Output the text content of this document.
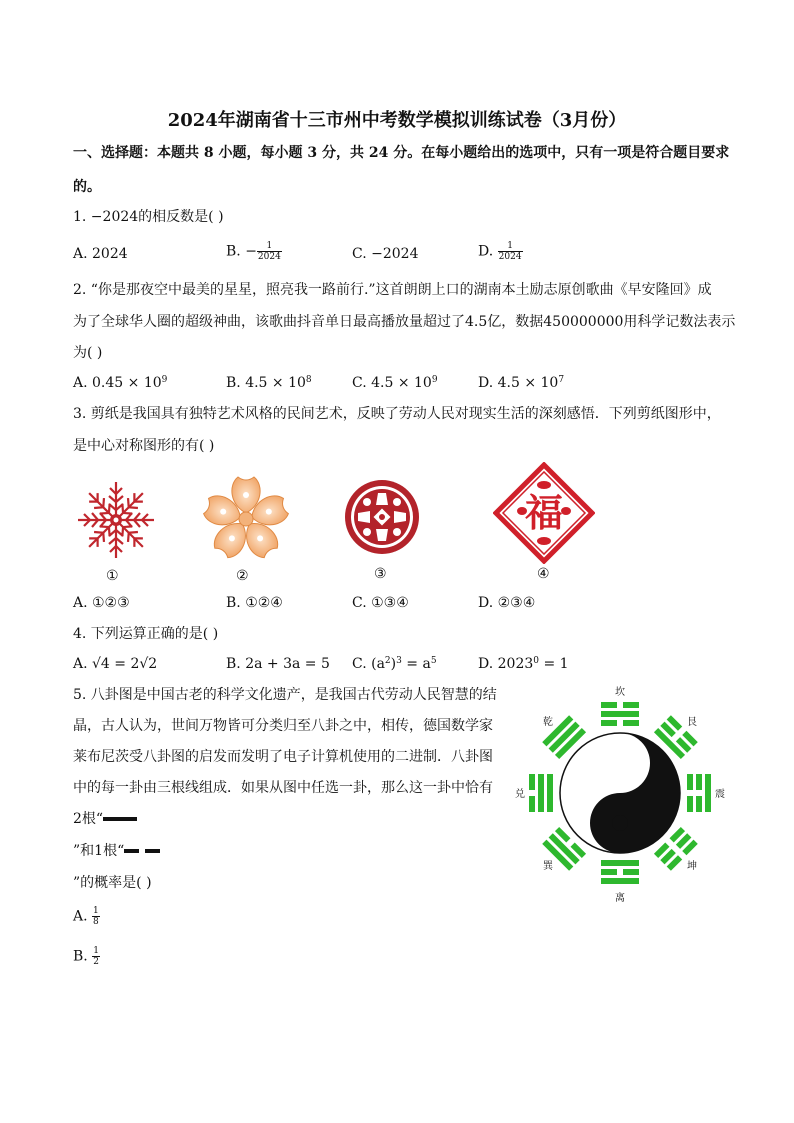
2024年湖南省十三市州中考数学模拟训练试卷（3月份）
一、选择题：本题共 8 小题，每小题 3 分，共 24 分。在每小题给出的选项中，只有一项是符合题目要求
的。
1. −2024的相反数是( )
A. 2024	B. − $\frac{1}{2024}$	C. −2024	D. $\frac{1}{2024}$
2. “你是那夜空中最美的星星，照亮我一路前行.”这首朗朗上口的湖南本土励志原创歌曲《早安隆回》成
为了全球华人圈的超级神曲，该歌曲抖音单日最高播放量超过了4.5亿，数据450000000用科学记数法表示
为( )
A. $0.45 \times 10^9$	B. $4.5 \times 10^8$	C. $4.5 \times 10^9$	D. $4.5 \times 10^7$
3. 剪纸是我国具有独特艺术风格的民间艺术，反映了劳动人民对现实生活的深刻感悟．下列剪纸图形中，
是中心对称图形的有( )
①	②	③
福
④
A. ①②③	B. ①②④	C. ①③④	D. ②③④
4. 下列运算正确的是( )
A. √4 = 2√2	B. 2a + 3a = 5 C. $(a^2)^3 = a^5$	D. $2023^0 = 1$
5. 八卦图是中国古老的科学文化遗产，是我国古代劳动人民智慧的结
晶，古人认为，世间万物皆可分类归至八卦之中，相传，德国数学家
莱布尼茨受八卦图的启发而发明了电子计算机使用的二进制．八卦图
中的每一卦由三根线组成．如果从图中任选一卦，那么这一卦中恰有
2根“
”和1根“
”的概率是( )
A. $\frac{1}{8}$
B. $\frac{1}{2}$
坎
离
兑	震
乾	艮
巽	坤
